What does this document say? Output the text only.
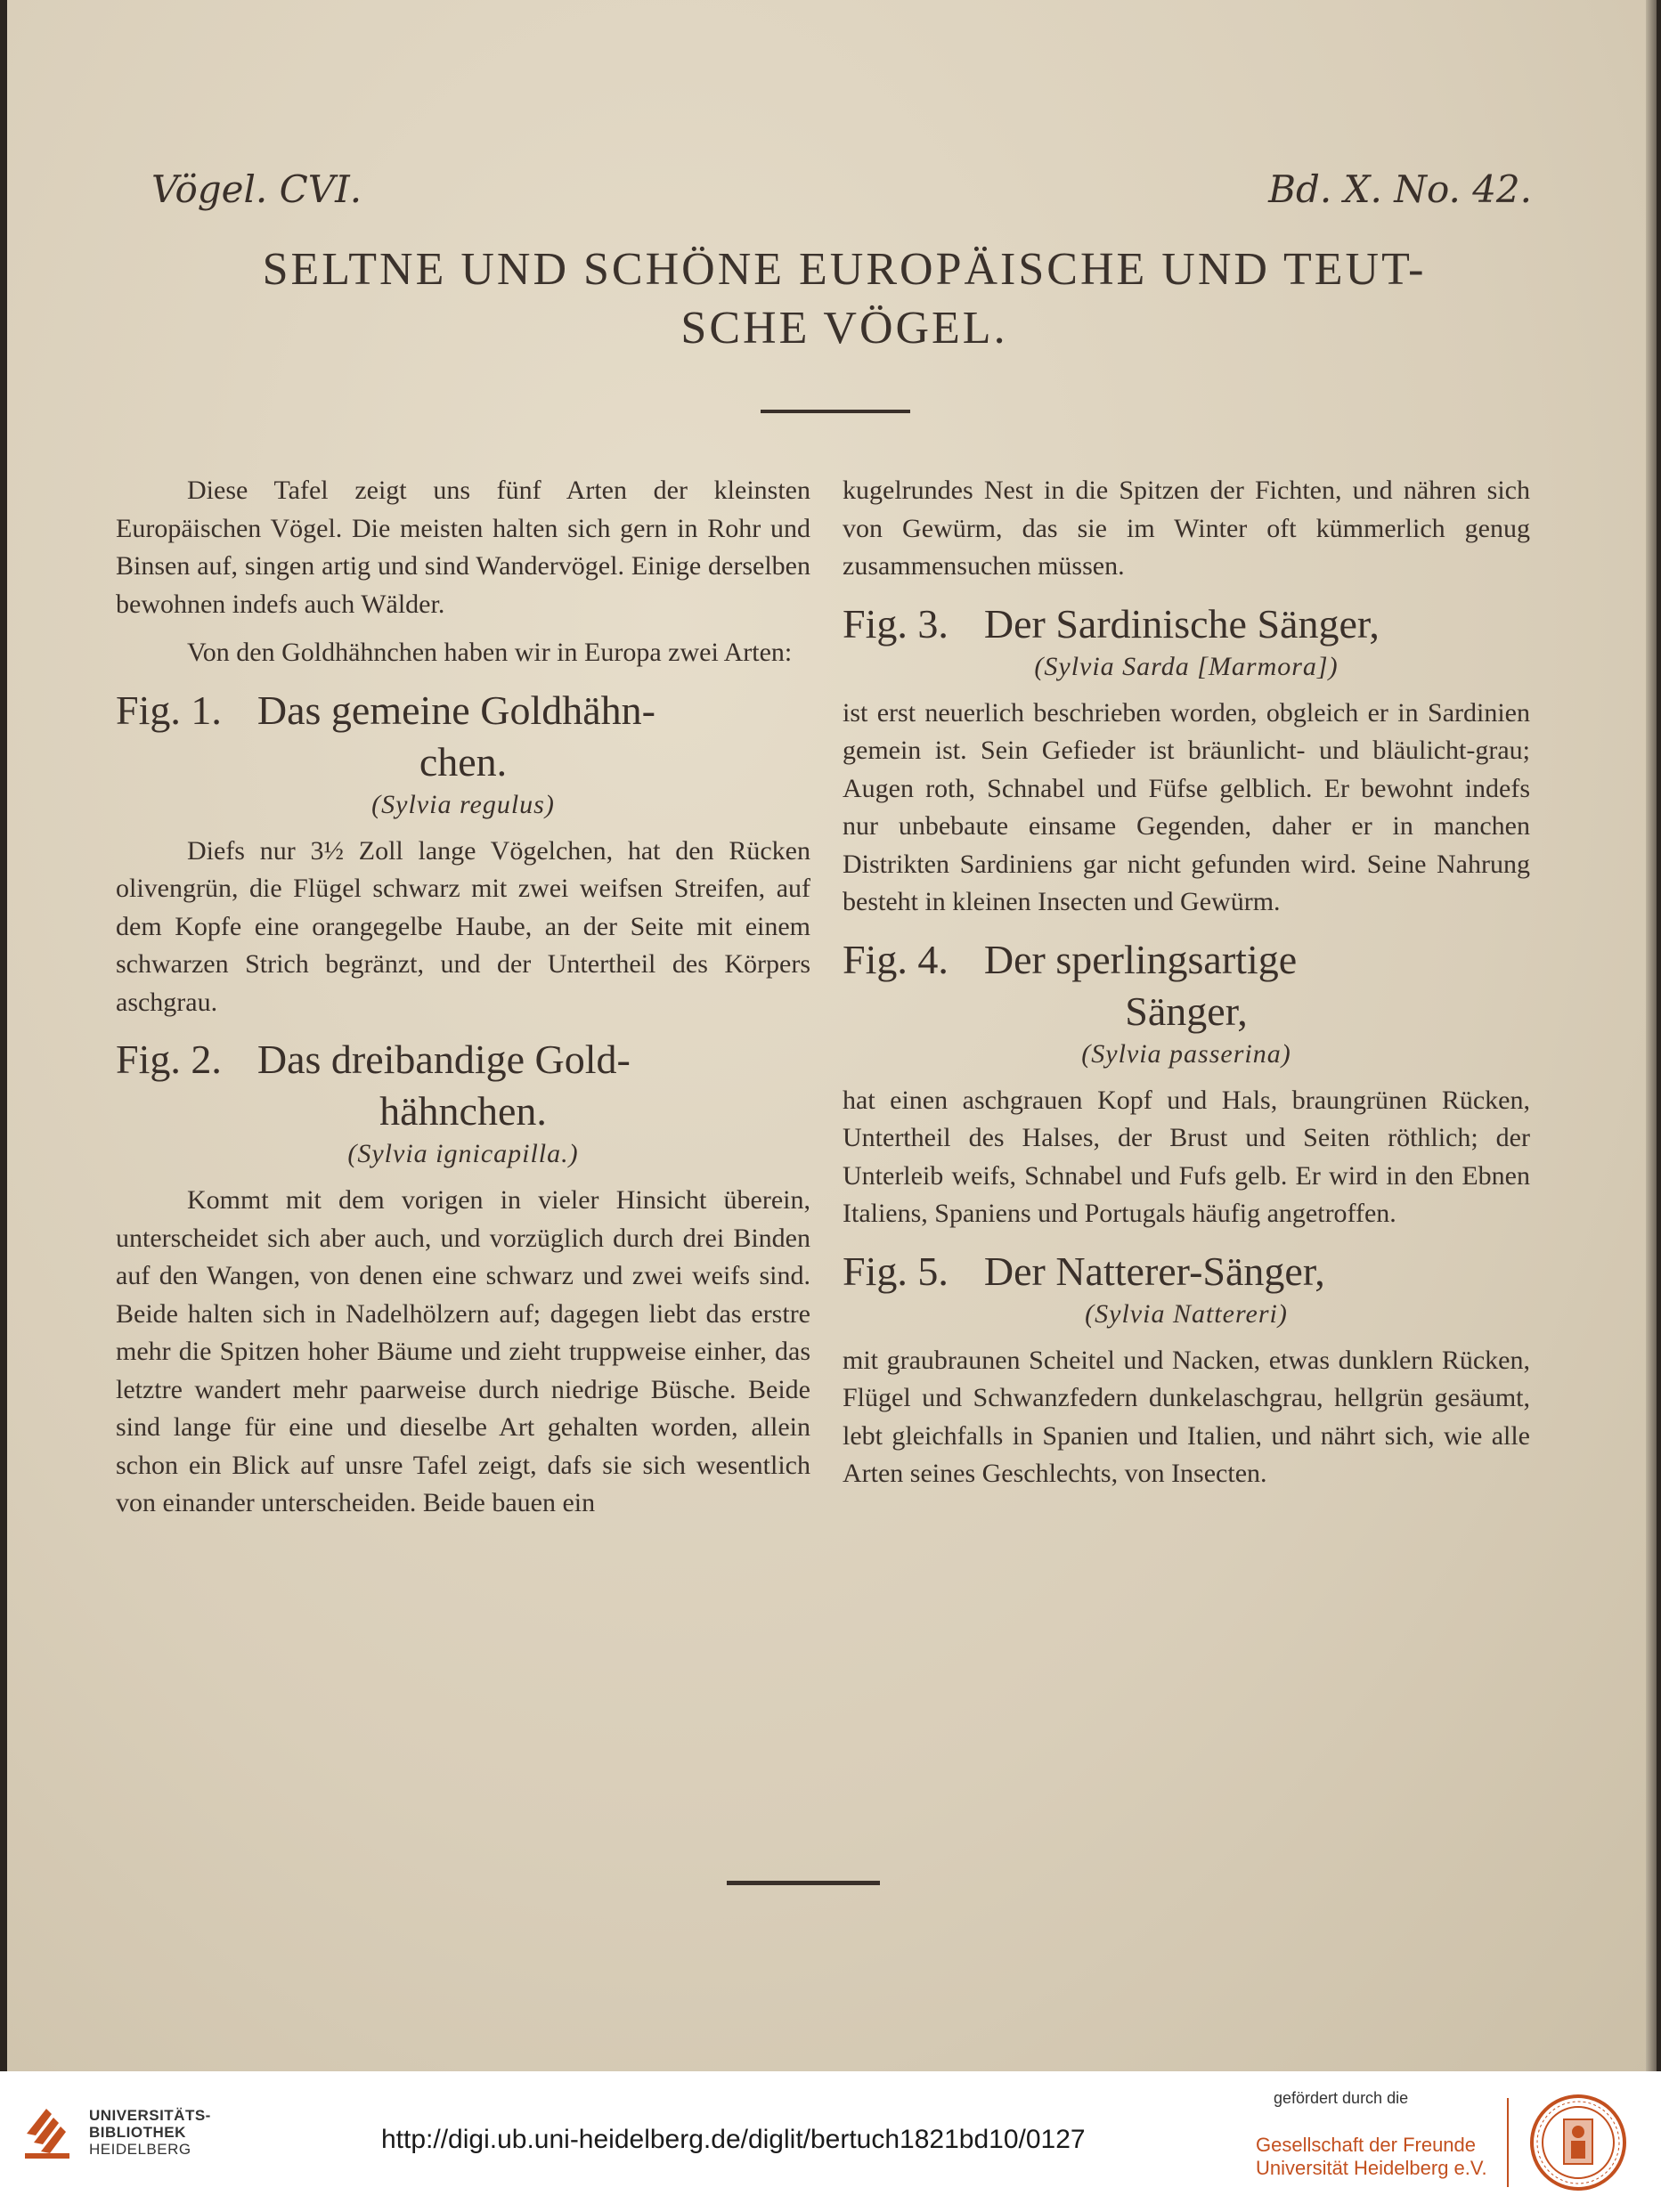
Vögel. CVI.	Bd. X. No. 42.
SELTNE UND SCHÖNE EUROPÄISCHE UND TEUT-
SCHE VÖGEL.

Diese Tafel zeigt uns fünf Arten der kleinsten Europäischen Vögel. Die meisten halten sich gern in Rohr und Binsen auf, singen artig und sind Wandervögel. Einige derselben bewohnen indefs auch Wälder.

Von den Goldhähnchen haben wir in Europa zwei Arten:

Fig. 1. Das gemeine Goldhähn-
chen.
(Sylvia regulus)

Diefs nur 3½ Zoll lange Vögelchen, hat den Rücken olivengrün, die Flügel schwarz mit zwei weifsen Streifen, auf dem Kopfe eine orangegelbe Haube, an der Seite mit einem schwarzen Strich begränzt, und der Untertheil des Körpers aschgrau.

Fig. 2. Das dreibandige Gold-
hähnchen.
(Sylvia ignicapilla.)

Kommt mit dem vorigen in vieler Hinsicht überein, unterscheidet sich aber auch, und vorzüglich durch drei Binden auf den Wangen, von denen eine schwarz und zwei weifs sind. Beide halten sich in Nadelhölzern auf; dagegen liebt das erstre mehr die Spitzen hoher Bäume und zieht truppweise einher, das letztre wandert mehr paarweise durch niedrige Büsche. Beide sind lange für eine und dieselbe Art gehalten worden, allein schon ein Blick auf unsre Tafel zeigt, dafs sie sich wesentlich von einander unterscheiden. Beide bauen ein

kugelrundes Nest in die Spitzen der Fichten, und nähren sich von Gewürm, das sie im Winter oft kümmerlich genug zusammensuchen müssen.

Fig. 3. Der Sardinische Sänger,
(Sylvia Sarda [Marmora])

ist erst neuerlich beschrieben worden, obgleich er in Sardinien gemein ist. Sein Gefieder ist bräunlicht- und bläulicht-grau; Augen roth, Schnabel und Füfse gelblich. Er bewohnt indefs nur unbebaute einsame Gegenden, daher er in manchen Distrikten Sardiniens gar nicht gefunden wird. Seine Nahrung besteht in kleinen Insecten und Gewürm.

Fig. 4. Der sperlingsartige
Sänger,
(Sylvia passerina)

hat einen aschgrauen Kopf und Hals, braungrünen Rücken, Untertheil des Halses, der Brust und Seiten röthlich; der Unterleib weifs, Schnabel und Fufs gelb. Er wird in den Ebnen Italiens, Spaniens und Portugals häufig angetroffen.

Fig. 5. Der Natterer-Sänger,
(Sylvia Nattereri)

mit graubraunen Scheitel und Nacken, etwas dunklern Rücken, Flügel und Schwanzfedern dunkelaschgrau, hellgrün gesäumt, lebt gleichfalls in Spanien und Italien, und nährt sich, wie alle Arten seines Geschlechts, von Insecten.

UNIVERSITÄTS-
BIBLIOTHEK
HEIDELBERG	http://digi.ub.uni-heidelberg.de/diglit/bertuch1821bd10/0127
gefördert durch die
Gesellschaft der Freunde
Universität Heidelberg e.V.
